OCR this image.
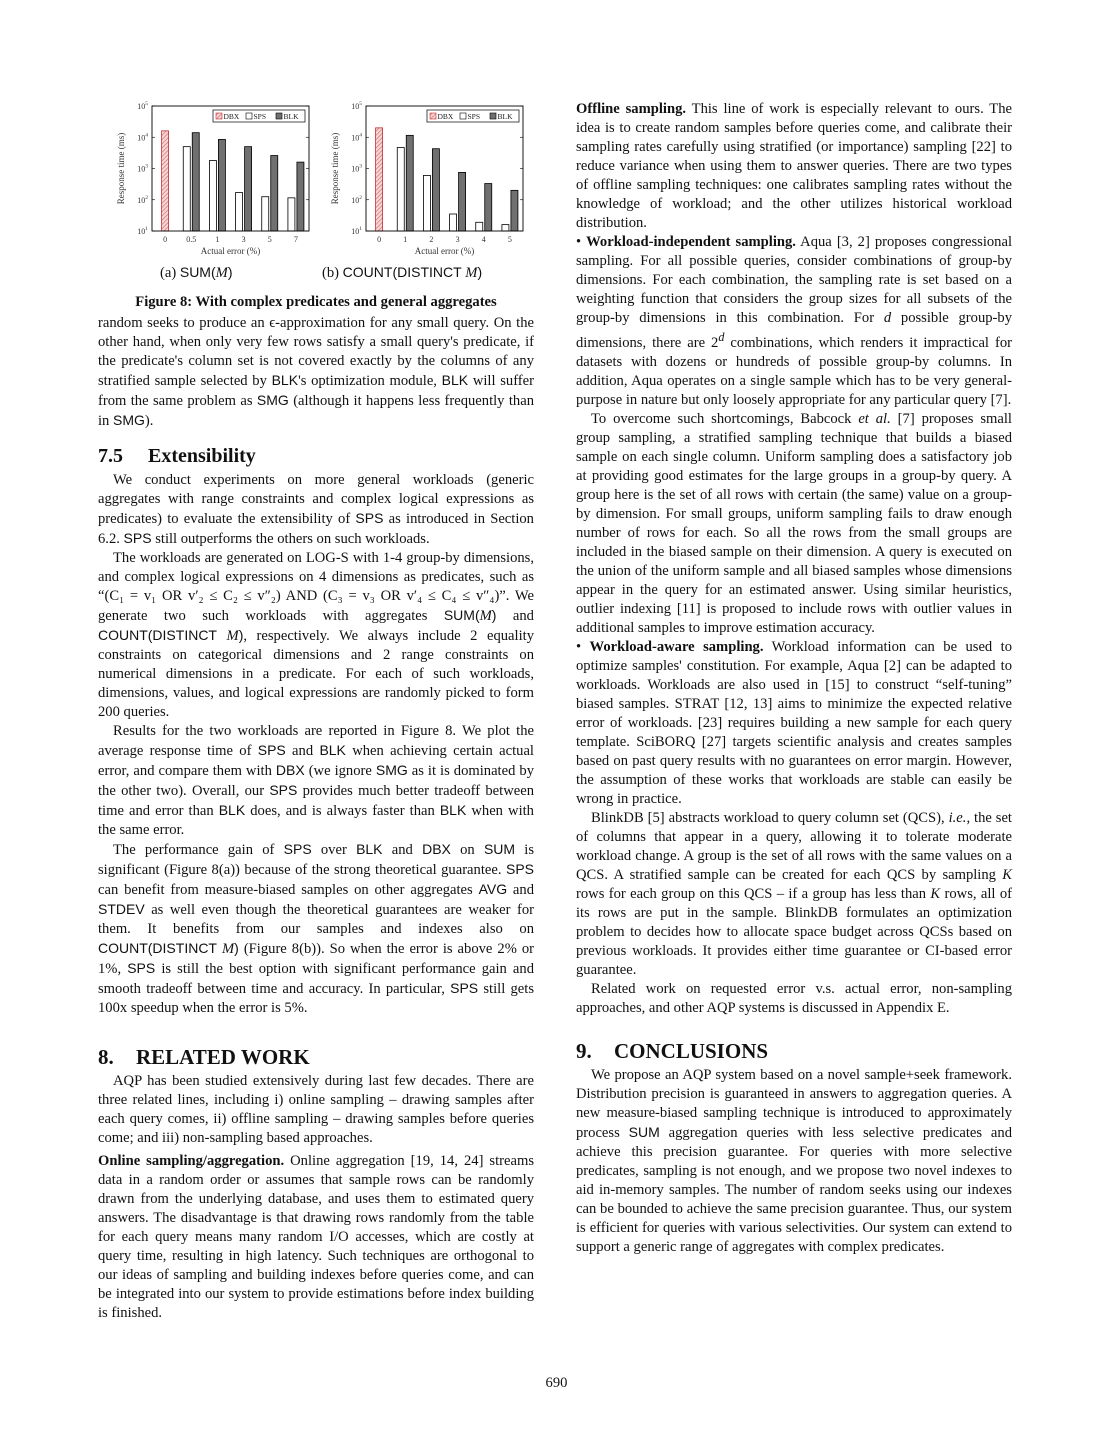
$10^1$
$10^2$
$10^3$
$10^4$
$10^5$
0 0.5 1	3	5	7
DBX SPS BLK
Actual error (%)
Response time (ms)
$10^1$
$10^2$
$10^3$
$10^4$
$10^5$
0	1	2	3	4	5
DBX SPS BLK
Actual error (%)
Response time (ms)
(a) SUM(M)	(b) COUNT(DISTINCT M)
Figure 8: With complex predicates and general aggregates

random seeks to produce an ϵ-approximation for any small query. On the other hand, when only very few rows satisfy a small query's predicate, if the predicate's column set is not covered exactly by the columns of any stratified sample selected by BLK's optimization module, BLK will suffer from the same problem as SMG (although it happens less frequently than in SMG).

7.5 Extensibility

We conduct experiments on more general workloads (generic aggregates with range constraints and complex logical expressions as predicates) to evaluate the extensibility of SPS as introduced in Section 6.2. SPS still outperforms the others on such workloads.

The workloads are generated on LOG-S with 1-4 group-by dimensions, and complex logical expressions on 4 dimensions as predicates, such as “(C₁ = v₁ OR v′₂ ≤ C₂ ≤ v″₂) AND (C₃ = v₃ OR v′₄ ≤ C₄ ≤ v″₄)”. We generate two such workloads with aggregates SUM(M) and COUNT(DISTINCT M), respectively. We always include 2 equality constraints on categorical dimensions and 2 range constraints on numerical dimensions in a predicate. For each of such workloads, dimensions, values, and logical expressions are randomly picked to form 200 queries.

Results for the two workloads are reported in Figure 8. We plot the average response time of SPS and BLK when achieving certain actual error, and compare them with DBX (we ignore SMG as it is dominated by the other two). Overall, our SPS provides much better tradeoff between time and error than BLK does, and is always faster than BLK when with the same error.

The performance gain of SPS over BLK and DBX on SUM is significant (Figure 8(a)) because of the strong theoretical guarantee. SPS can benefit from measure-biased samples on other aggregates AVG and STDEV as well even though the theoretical guarantees are weaker for them. It benefits from our samples and indexes also on COUNT(DISTINCT M) (Figure 8(b)). So when the error is above 2% or 1%, SPS is still the best option with significant performance gain and smooth tradeoff between time and accuracy. In particular, SPS still gets 100x speedup when the error is 5%.

8. RELATED WORK

AQP has been studied extensively during last few decades. There are three related lines, including i) online sampling – drawing samples after each query comes, ii) offline sampling – drawing samples before queries come; and iii) non-sampling based approaches.

Online sampling/aggregation. Online aggregation [19, 14, 24] streams data in a random order or assumes that sample rows can be randomly drawn from the underlying database, and uses them to estimated query answers. The disadvantage is that drawing rows randomly from the table for each query means many random I/O accesses, which are costly at query time, resulting in high latency. Such techniques are orthogonal to our ideas of sampling and building indexes before queries come, and can be integrated into our system to provide estimations before index building is finished.

Offline sampling. This line of work is especially relevant to ours. The idea is to create random samples before queries come, and calibrate their sampling rates carefully using stratified (or importance) sampling [22] to reduce variance when using them to answer queries. There are two types of offline sampling techniques: one calibrates sampling rates without the knowledge of workload; and the other utilizes historical workload distribution.

• Workload-independent sampling. Aqua [3, 2] proposes congressional sampling. For all possible queries, consider combinations of group-by dimensions. For each combination, the sampling rate is set based on a weighting function that considers the group sizes for all subsets of the group-by dimensions in this combination. For d possible group-by dimensions, there are 2$^d$ combinations, which renders it impractical for datasets with dozens or hundreds of possible group-by columns. In addition, Aqua operates on a single sample which has to be very general-purpose in nature but only loosely appropriate for any particular query [7].

To overcome such shortcomings, Babcock et al. [7] proposes small group sampling, a stratified sampling technique that builds a biased sample on each single column. Uniform sampling does a satisfactory job at providing good estimates for the large groups in a group-by query. A group here is the set of all rows with certain (the same) value on a group-by dimension. For small groups, uniform sampling fails to draw enough number of rows for each. So all the rows from the small groups are included in the biased sample on their dimension. A query is executed on the union of the uniform sample and all biased samples whose dimensions appear in the query for an estimated answer. Using similar heuristics, outlier indexing [11] is proposed to include rows with outlier values in additional samples to improve estimation accuracy.

• Workload-aware sampling. Workload information can be used to optimize samples' constitution. For example, Aqua [2] can be adapted to workloads. Workloads are also used in [15] to construct “self-tuning” biased samples. STRAT [12, 13] aims to minimize the expected relative error of workloads. [23] requires building a new sample for each query template. SciBORQ [27] targets scientific analysis and creates samples based on past query results with no guarantees on error margin. However, the assumption of these works that workloads are stable can easily be wrong in practice.

BlinkDB [5] abstracts workload to query column set (QCS), i.e., the set of columns that appear in a query, allowing it to tolerate moderate workload change. A group is the set of all rows with the same values on a QCS. A stratified sample can be created for each QCS by sampling K rows for each group on this QCS – if a group has less than K rows, all of its rows are put in the sample. BlinkDB formulates an optimization problem to decides how to allocate space budget across QCSs based on previous workloads. It provides either time guarantee or CI-based error guarantee.

Related work on requested error v.s. actual error, non-sampling approaches, and other AQP systems is discussed in Appendix E.

9. CONCLUSIONS

We propose an AQP system based on a novel sample+seek framework. Distribution precision is guaranteed in answers to aggregation queries. A new measure-biased sampling technique is introduced to approximately process SUM aggregation queries with less selective predicates and achieve this precision guarantee. For queries with more selective predicates, sampling is not enough, and we propose two novel indexes to aid in-memory samples. The number of random seeks using our indexes can be bounded to achieve the same precision guarantee. Thus, our system is efficient for queries with various selectivities. Our system can extend to support a generic range of aggregates with complex predicates.

690
